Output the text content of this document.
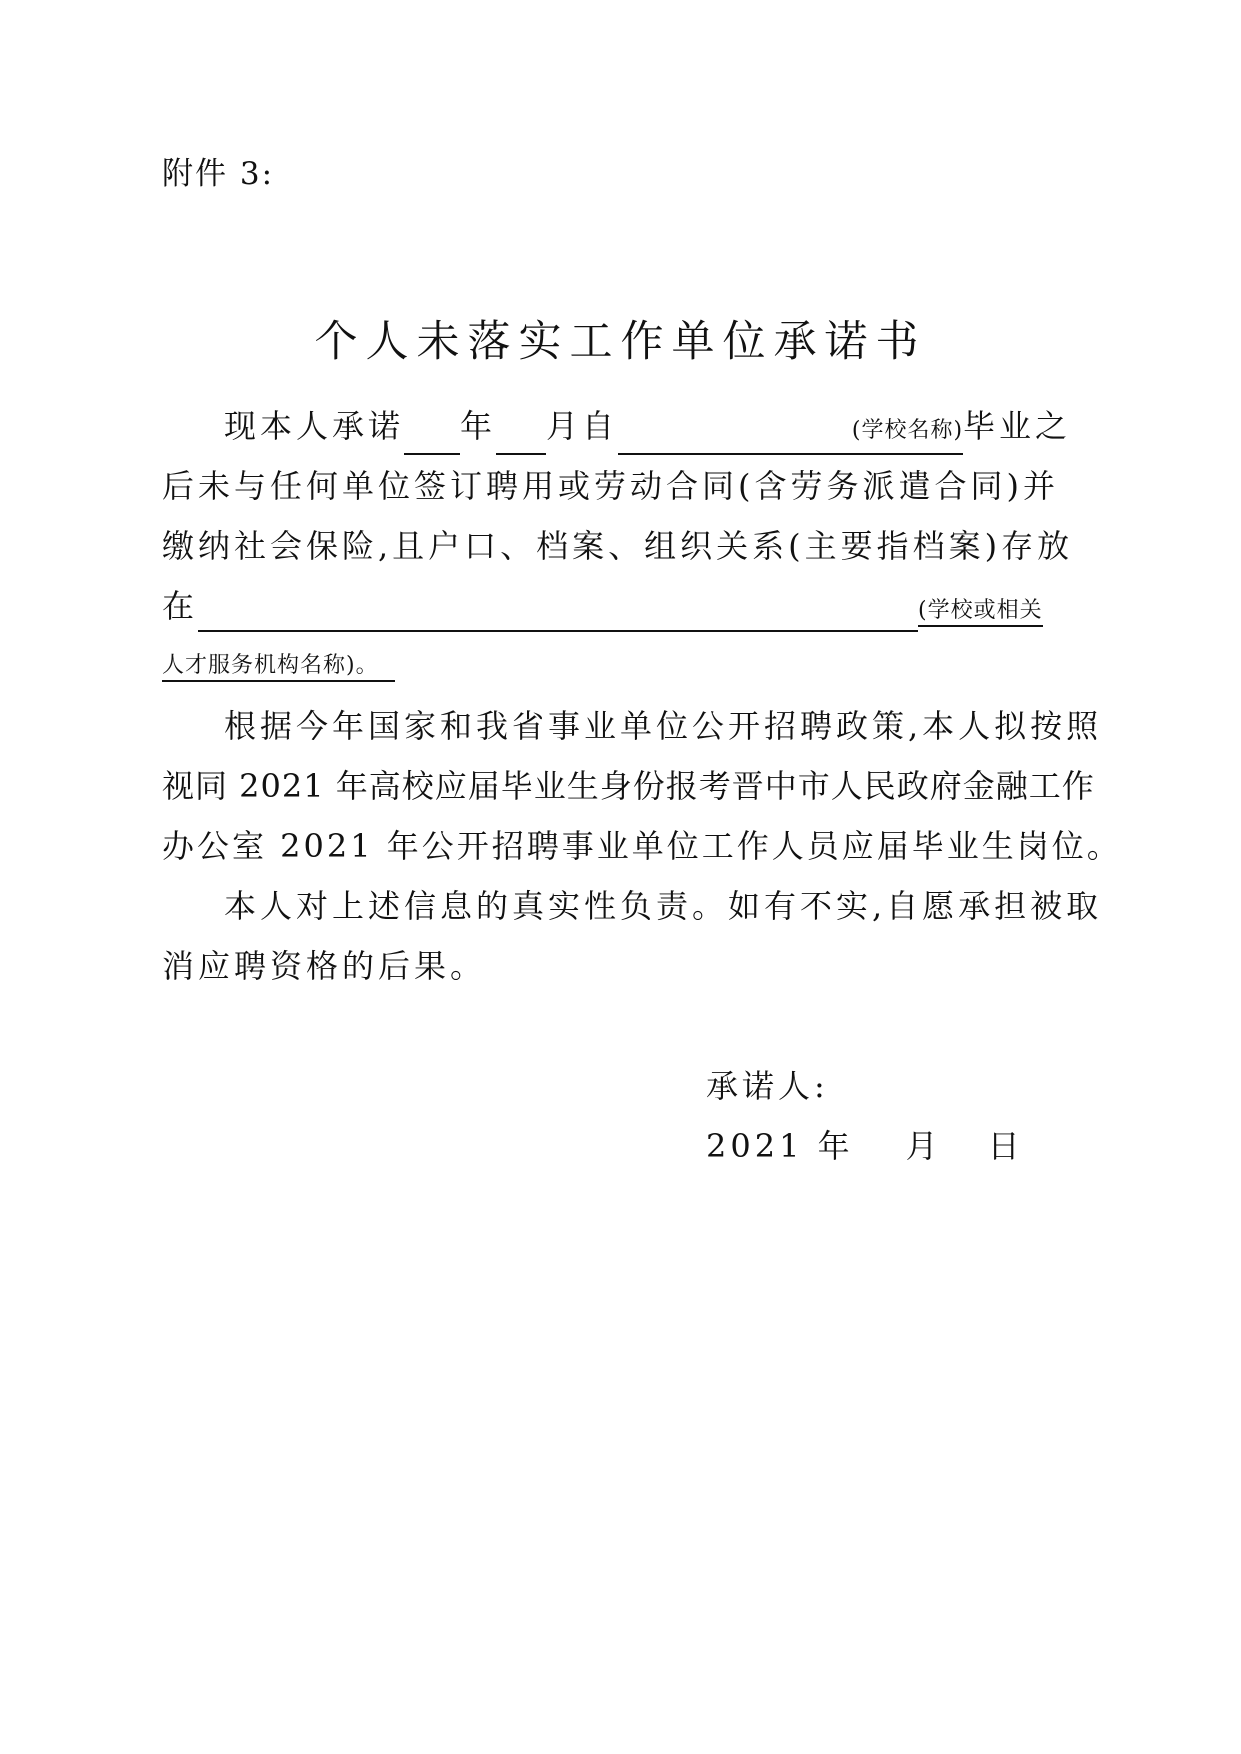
附件 3:
个人未落实工作单位承诺书
现本人承诺 年 月自	(学校名称)毕业之
后未与任何单位签订聘用或劳动合同(含劳务派遣合同)并
缴纳社会保险,且户口、档案、组织关系(主要指档案)存放
在	(学校或相关
人才服务机构名称)。
根据今年国家和我省事业单位公开招聘政策,本人拟按照
视同 2021 年高校应届毕业生身份报考晋中市人民政府金融工作
办公室 2021 年公开招聘事业单位工作人员应届毕业生岗位。
本人对上述信息的真实性负责。如有不实,自愿承担被取
消应聘资格的后果。
承诺人:
2021 年 月 日
